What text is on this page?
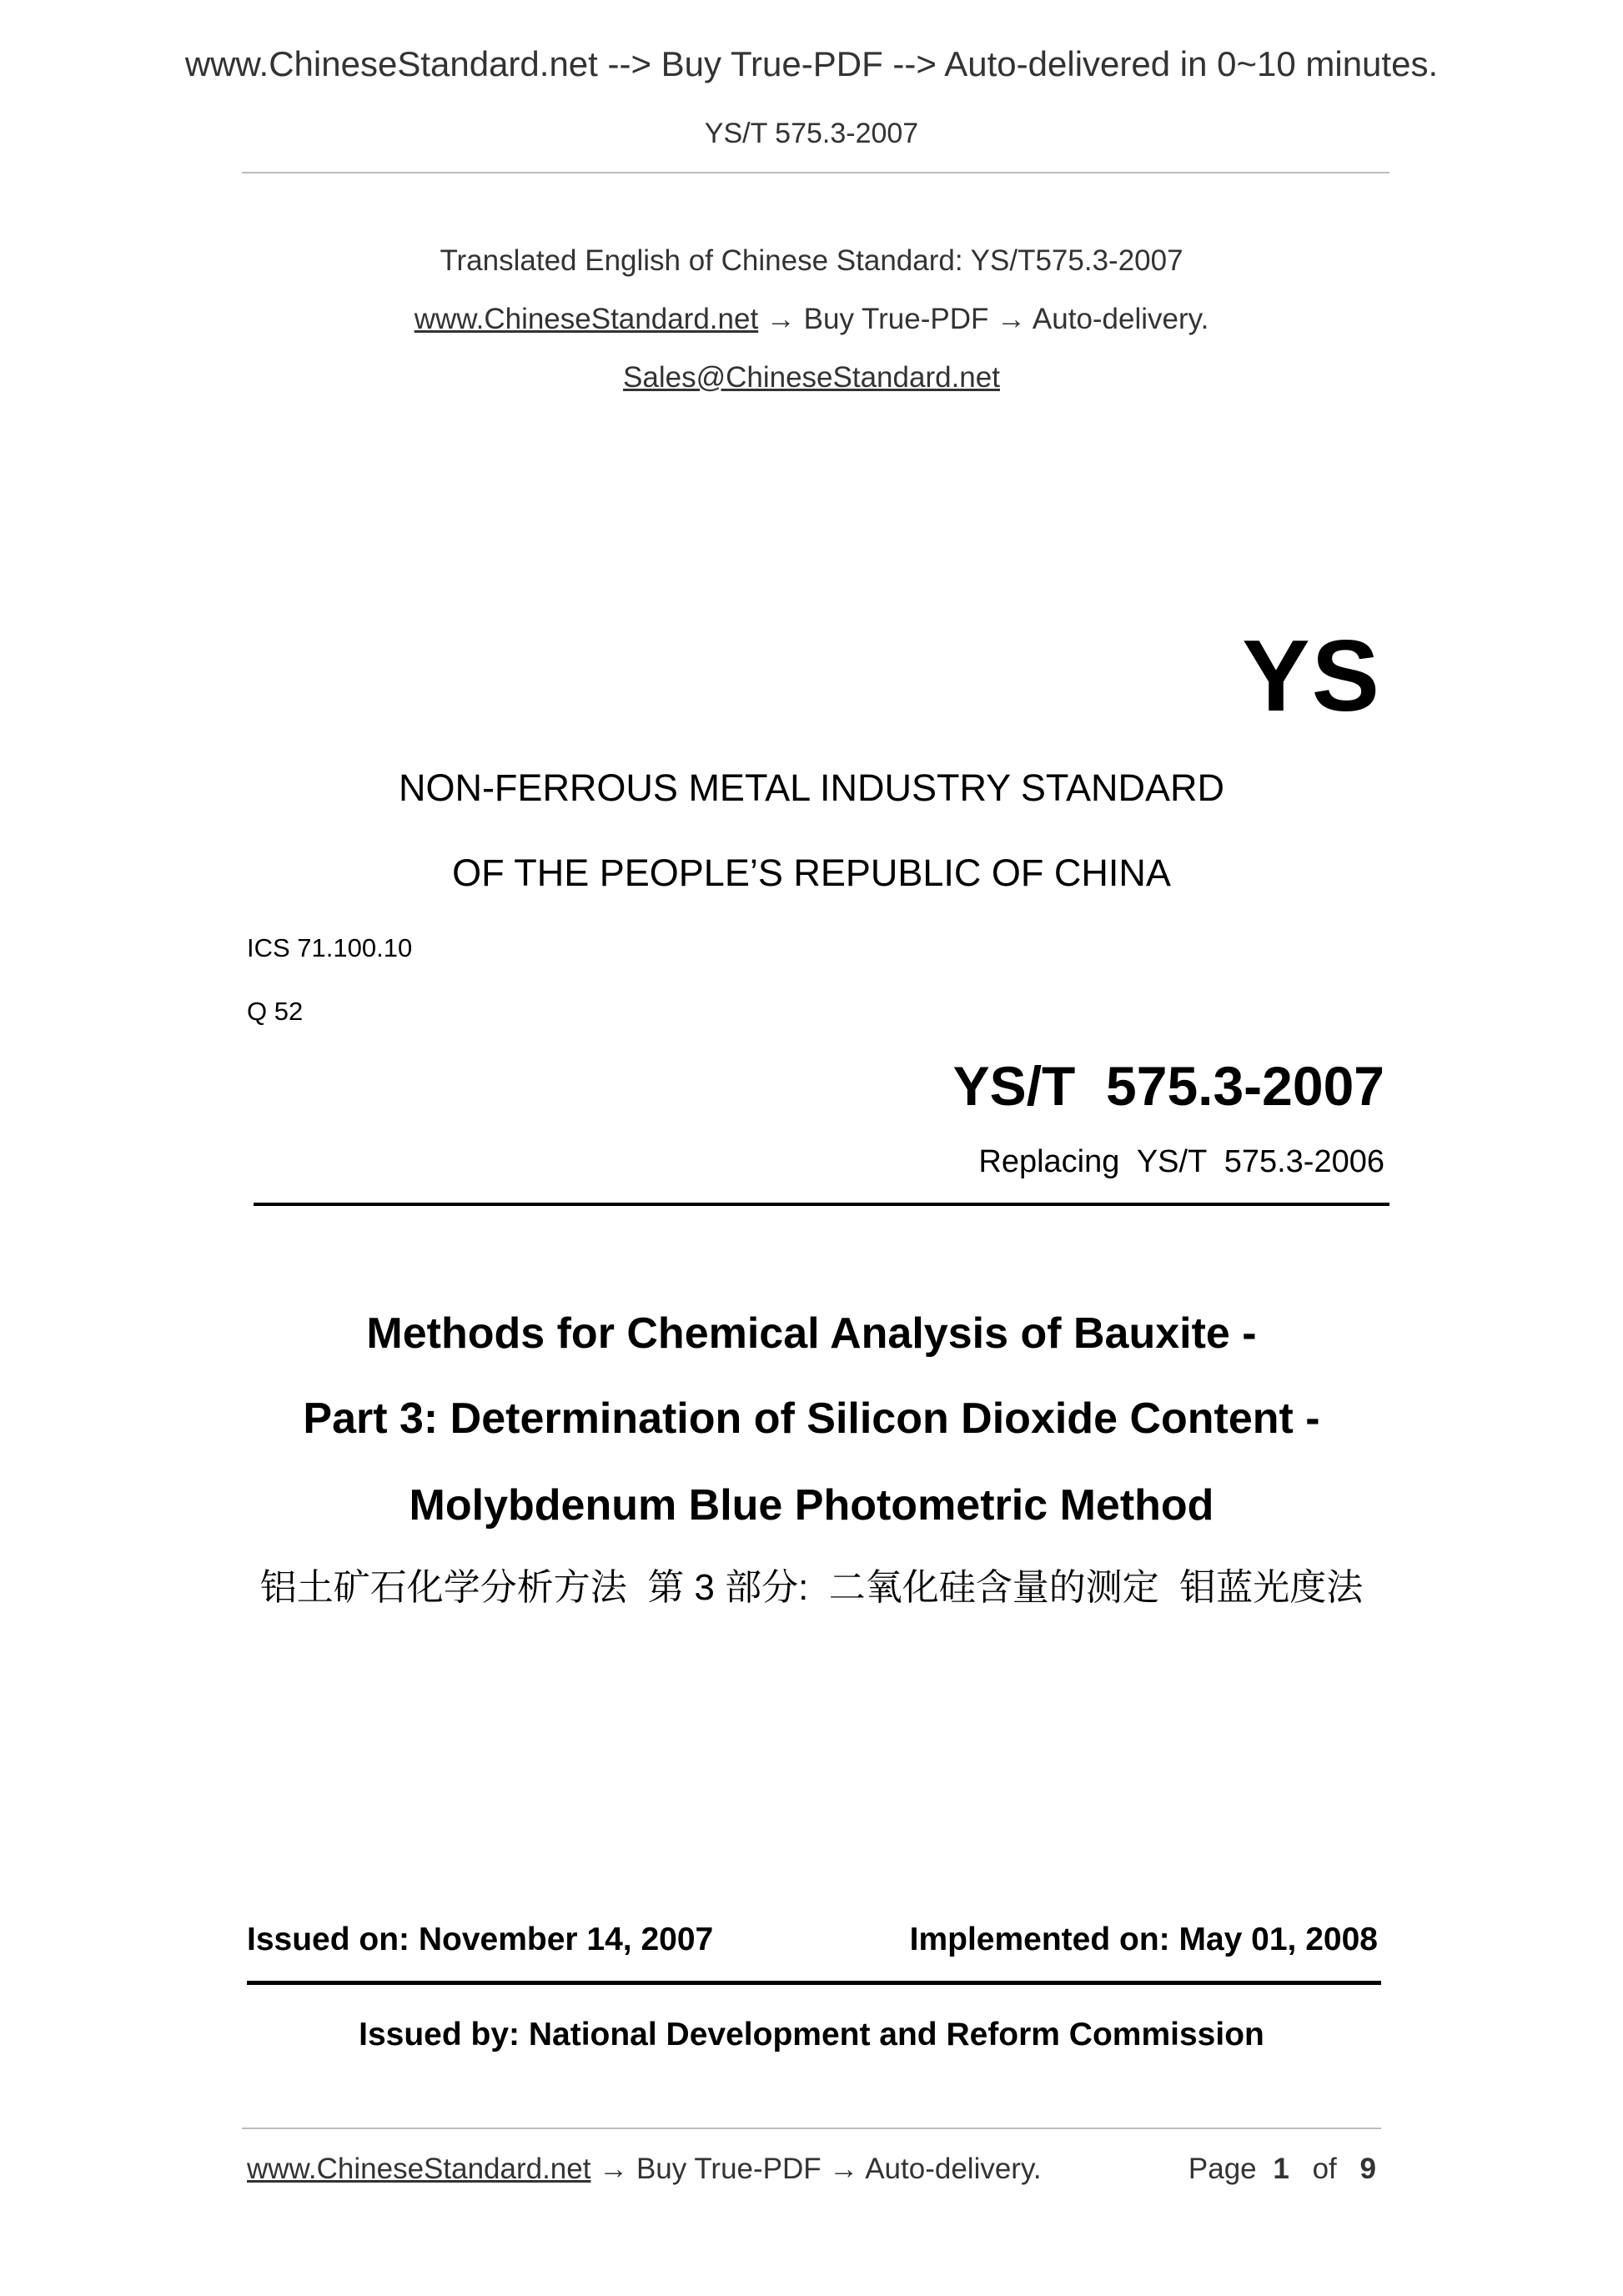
www.ChineseStandard.net --> Buy True-PDF --> Auto-delivered in 0~10 minutes.
YS/T 575.3-2007
Translated English of Chinese Standard: YS/T575.3-2007
www.ChineseStandard.net → Buy True-PDF → Auto-delivery.
Sales@ChineseStandard.net
YS
NON-FERROUS METAL INDUSTRY STANDARD
OF THE PEOPLE’S REPUBLIC OF CHINA
ICS 71.100.10
Q 52
YS/T  575.3-2007
Replacing  YS/T  575.3-2006
Methods for Chemical Analysis of Bauxite -
Part 3: Determination of Silicon Dioxide Content -
Molybdenum Blue Photometric Method
铝土矿石化学分析方法  第 3 部分:  二氧化硅含量的测定  钼蓝光度法
Issued on: November 14, 2007	Implemented on: May 01, 2008
Issued by: National Development and Reform Commission
www.ChineseStandard.net → Buy True-PDF → Auto-delivery.	Page 1 of 9
